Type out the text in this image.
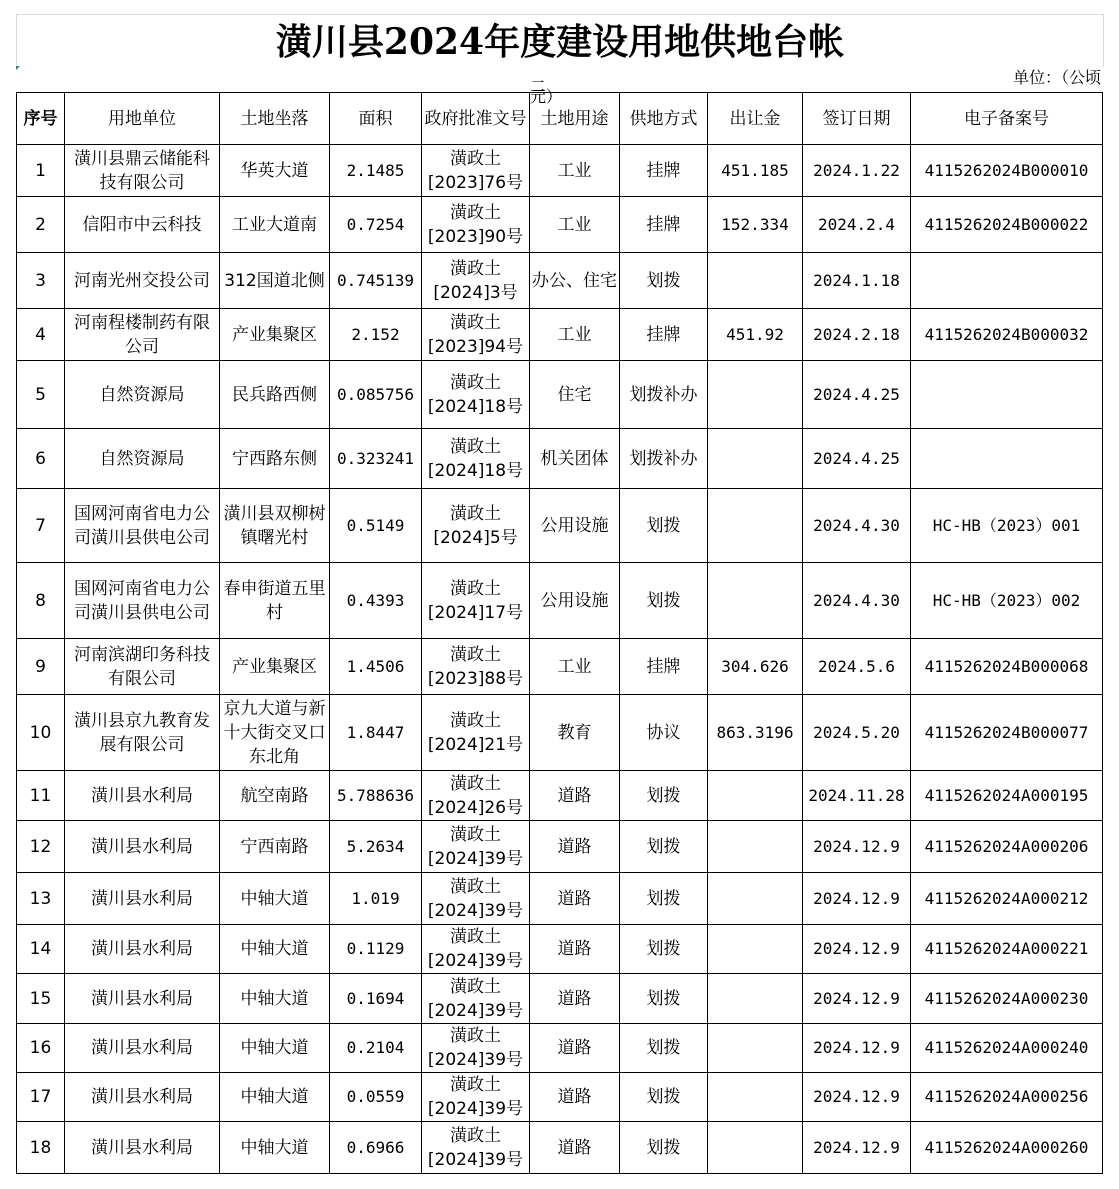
潢川县2024年度建设用地供地台帐
单位：（公顷
二元）
序号	用地单位	土地坐落	面积	政府批准文号	土地用途	供地方式	出让金	签订日期	电子备案号
1	潢川县鼎云储能科技有限公司	华英大道	2.1485	潢政土[2023]76号	工业	挂牌	451.185	2024.1.22	4115262024B000010
2	信阳市中云科技	工业大道南	0.7254	潢政土[2023]90号	工业	挂牌	152.334	2024.2.4	4115262024B000022
3	河南光州交投公司	312国道北侧	0.745139	潢政土[2024]3号	办公、住宅	划拨		2024.1.18	
4	河南程楼制药有限公司	产业集聚区	2.152	潢政土[2023]94号	工业	挂牌	451.92	2024.2.18	4115262024B000032
5	自然资源局	民兵路西侧	0.085756	潢政土[2024]18号	住宅	划拨补办		2024.4.25	
6	自然资源局	宁西路东侧	0.323241	潢政土[2024]18号	机关团体	划拨补办		2024.4.25	
7	国网河南省电力公司潢川县供电公司	潢川县双柳树镇曙光村	0.5149	潢政土[2024]5号	公用设施	划拨		2024.4.30	HC-HB（2023）001
8	国网河南省电力公司潢川县供电公司	春申街道五里村	0.4393	潢政土[2024]17号	公用设施	划拨		2024.4.30	HC-HB（2023）002
9	河南滨湖印务科技有限公司	产业集聚区	1.4506	潢政土[2023]88号	工业	挂牌	304.626	2024.5.6	4115262024B000068
10	潢川县京九教育发展有限公司	京九大道与新十大街交叉口东北角	1.8447	潢政土[2024]21号	教育	协议	863.3196	2024.5.20	4115262024B000077
11	潢川县水利局	航空南路	5.788636	潢政土[2024]26号	道路	划拨		2024.11.28	4115262024A000195
12	潢川县水利局	宁西南路	5.2634	潢政土[2024]39号	道路	划拨		2024.12.9	4115262024A000206
13	潢川县水利局	中轴大道	1.019	潢政土[2024]39号	道路	划拨		2024.12.9	4115262024A000212
14	潢川县水利局	中轴大道	0.1129	潢政土[2024]39号	道路	划拨		2024.12.9	4115262024A000221
15	潢川县水利局	中轴大道	0.1694	潢政土[2024]39号	道路	划拨		2024.12.9	4115262024A000230
16	潢川县水利局	中轴大道	0.2104	潢政土[2024]39号	道路	划拨		2024.12.9	4115262024A000240
17	潢川县水利局	中轴大道	0.0559	潢政土[2024]39号	道路	划拨		2024.12.9	4115262024A000256
18	潢川县水利局	中轴大道	0.6966	潢政土[2024]39号	道路	划拨		2024.12.9	4115262024A000260
